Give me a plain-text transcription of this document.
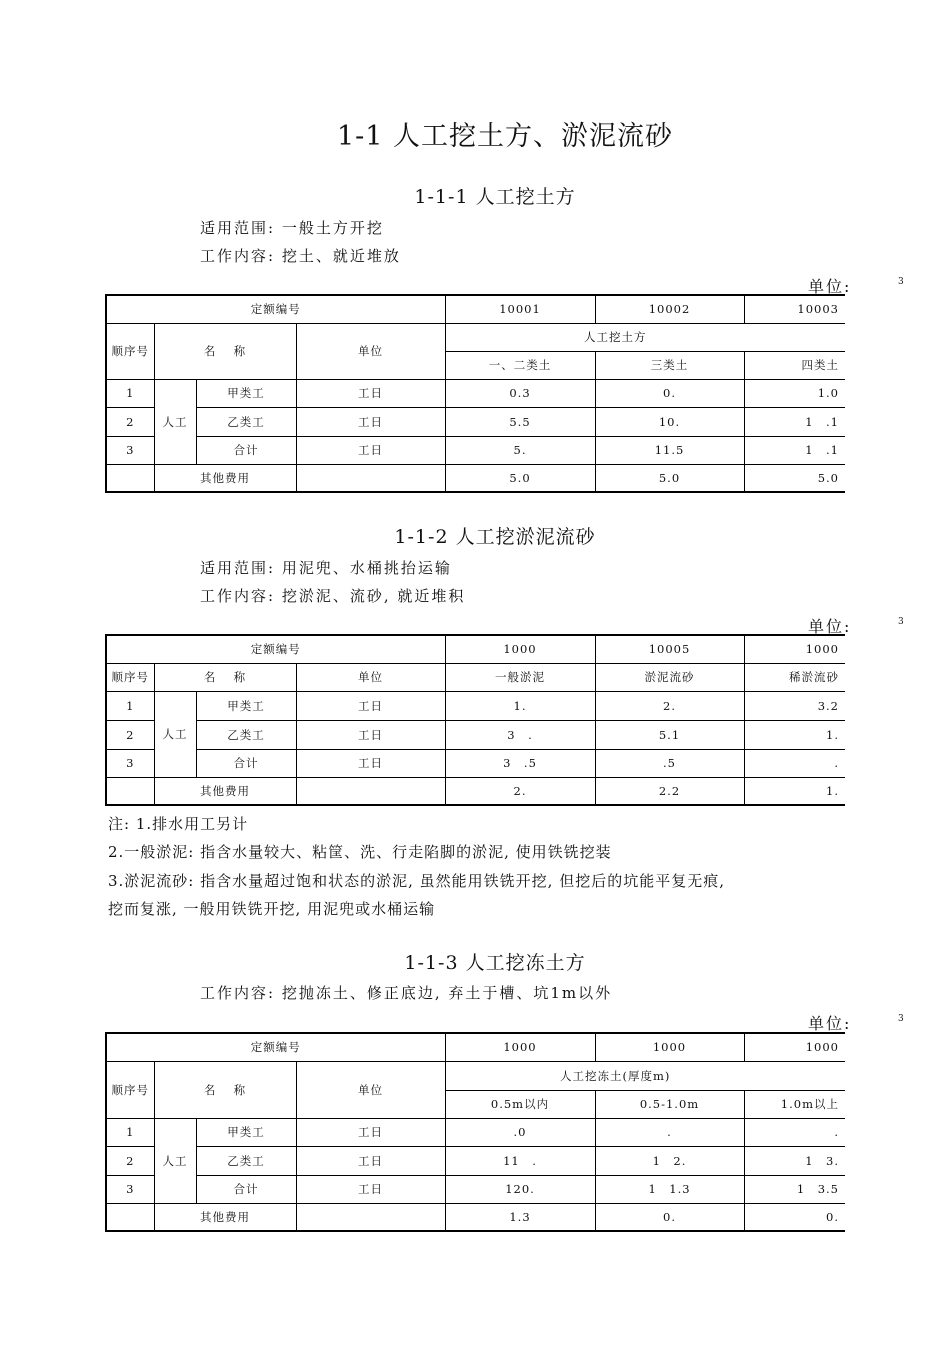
1-1 人工挖土方、淤泥流砂
1-1-1 人工挖土方
适用范围: 一般土方开挖
工作内容: 挖土、就近堆放
单位:	3
定额编号				10001	10002	10003
顺序号	名　 称		单位	人工挖土方		
				一、二类土	三类土	四类土
1	人工	甲类工	工日	0.3	0.	1.0
2		乙类工	工日	5.5	10.	1　.1
3		合计	工日	5.	11.5	1　.1
	其他费用			5.0	5.0	5.0
1-1-2 人工挖淤泥流砂
适用范围: 用泥兜、水桶挑抬运输
工作内容: 挖淤泥、流砂, 就近堆积
单位:	3
定额编号				1000	10005	1000
顺序号	名　 称		单位	一般淤泥	淤泥流砂	稀淤流砂
1	人工	甲类工	工日	1.	2.	3.2
2		乙类工	工日	3　.	5.1	1.
3		合计	工日	3　.5	.5	.
	其他费用			2.	2.2	1.
注: 1.排水用工另计
2.一般淤泥: 指含水量较大、粘筐、洗、行走陷脚的淤泥, 使用铁铣挖装
3.淤泥流砂: 指含水量超过饱和状态的淤泥, 虽然能用铁铣开挖, 但挖后的坑能平复无痕,
挖而复涨, 一般用铁铣开挖, 用泥兜或水桶运输
1-1-3 人工挖冻土方
工作内容: 挖抛冻土、修正底边, 弃土于槽、坑1m以外
单位:	3
定额编号				1000	1000	1000
顺序号	名　 称		单位	人工挖冻土(厚度m)		
				0.5m以内	0.5-1.0m	1.0m以上
1	人工	甲类工	工日	.0	.	.
2		乙类工	工日	11　.	1　2.	1　3.
3		合计	工日	120.	1　1.3	1　3.5
	其他费用			1.3	0.	0.
